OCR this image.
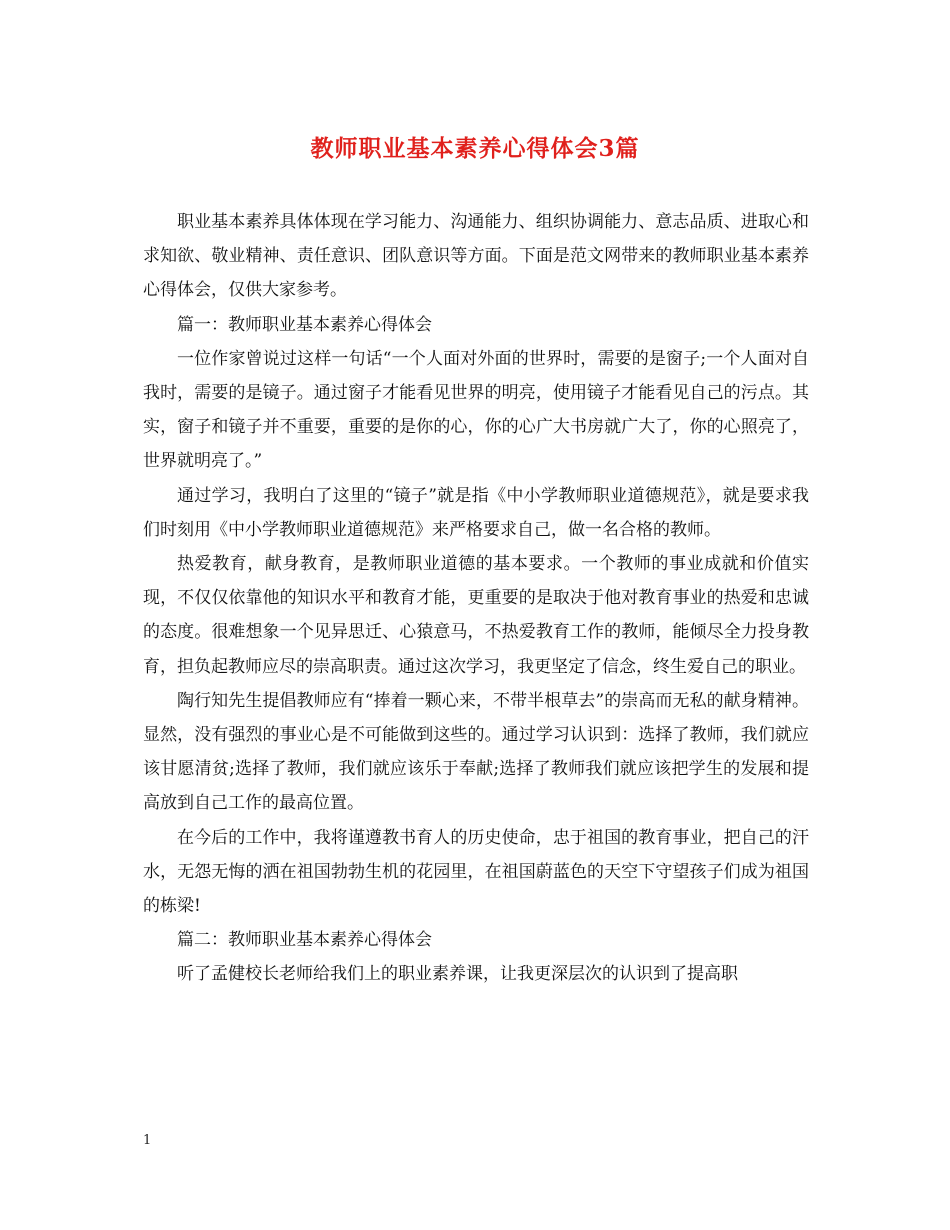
教师职业基本素养心得体会3篇

职业基本素养具体体现在学习能力、沟通能力、组织协调能力、意志品质、进取心和求知欲、敬业精神、责任意识、团队意识等方面。下面是范文网带来的教师职业基本素养心得体会，仅供大家参考。

篇一：教师职业基本素养心得体会

一位作家曾说过这样一句话“一个人面对外面的世界时，需要的是窗子;一个人面对自我时，需要的是镜子。通过窗子才能看见世界的明亮，使用镜子才能看见自己的污点。其实，窗子和镜子并不重要，重要的是你的心，你的心广大书房就广大了，你的心照亮了，世界就明亮了。”

通过学习，我明白了这里的“镜子”就是指《中小学教师职业道德规范》，就是要求我们时刻用《中小学教师职业道德规范》来严格要求自己，做一名合格的教师。

热爱教育，献身教育，是教师职业道德的基本要求。一个教师的事业成就和价值实现，不仅仅依靠他的知识水平和教育才能，更重要的是取决于他对教育事业的热爱和忠诚的态度。很难想象一个见异思迁、心猿意马，不热爱教育工作的教师，能倾尽全力投身教育，担负起教师应尽的崇高职责。通过这次学习，我更坚定了信念，终生爱自己的职业。

陶行知先生提倡教师应有“捧着一颗心来，不带半根草去”的崇高而无私的献身精神。显然，没有强烈的事业心是不可能做到这些的。通过学习认识到：选择了教师，我们就应该甘愿清贫;选择了教师，我们就应该乐于奉献;选择了教师我们就应该把学生的发展和提高放到自己工作的最高位置。

在今后的工作中，我将谨遵教书育人的历史使命，忠于祖国的教育事业，把自己的汗水，无怨无悔的洒在祖国勃勃生机的花园里，在祖国蔚蓝色的天空下守望孩子们成为祖国的栋梁!

篇二：教师职业基本素养心得体会

听了孟健校长老师给我们上的职业素养课，让我更深层次的认识到了提高职

1
